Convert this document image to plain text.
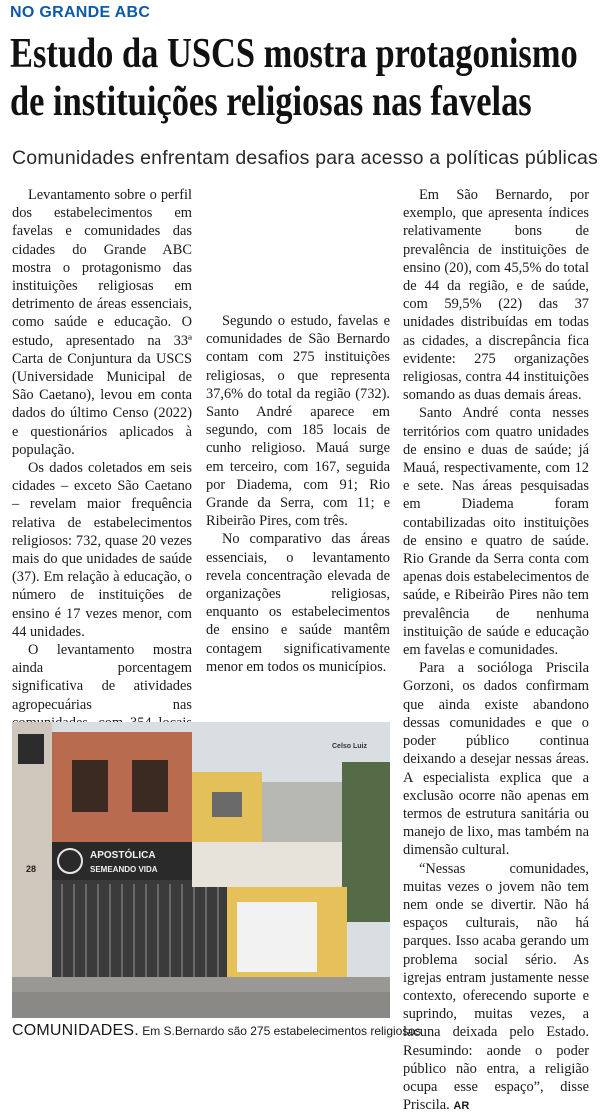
NO GRANDE ABC
Estudo da USCS mostra protagonismo
de instituições religiosas nas favelas
Comunidades enfrentam desafios para acesso a políticas públicas

Levantamento sobre o perfil dos estabelecimentos em favelas e comunidades das cidades do Grande ABC mostra o protagonismo das instituições religiosas em detrimento de áreas essenciais, como saúde e educação. O estudo, apresentado na 33ª Carta de Conjuntura da USCS (Universidade Municipal de São Caetano), levou em conta dados do último Censo (2022) e questionários aplicados à população.

Os dados coletados em seis cidades – exceto São Caetano – revelam maior frequência relativa de estabelecimentos religiosos: 732, quase 20 vezes mais do que unidades de saúde (37). Em relação à educação, o número de instituições de ensino é 17 vezes menor, com 44 unidades.

O levantamento mostra ainda porcentagem significativa de atividades agropecuárias nas

Segundo o estudo, favelas e comunidades de São Bernardo contam com 275 instituições religiosas, o que representa 37,6% do total da região (732). Santo André aparece em segundo, com 185 locais de cunho religioso. Mauá surge em terceiro, com 167, seguida por Diadema, com 91; Rio Grande da Serra, com 11; e Ribeirão Pires, com três.

No comparativo das áreas essenciais, o levantamento revela concentração elevada de organizações religiosas, enquanto os estabelecimentos de ensino e saúde mantêm contagem significativamente menor em todos os municípios.

Em São Bernardo, por exemplo, que apresenta índices relativamente bons de prevalência de instituições de ensino (20), com 45,5% do total de 44 da região, e de saúde, com 59,5% (22) das 37 unidades distribuídas em todas as cidades, a discrepância fica evidente: 275 organizações religiosas, contra 44 instituições somando as duas demais áreas.

Santo André conta nesses territórios com quatro unidades de ensino e duas de saúde; já Mauá, respectivamente, com 12 e sete. Nas áreas pesquisadas em Diadema foram contabilizadas oito instituições de ensino e quatro de saúde. Rio Grande da Serra conta com apenas dois estabelecimentos de saúde, e Ribeirão Pires não tem prevalência de nenhuma instituição de saúde e educação em favelas e comunidades.

Para a socióloga Priscila Gorzoni, os dados confirmam que ainda existe abandono dessas comunidades e que o poder público continua deixando a desejar nessas áreas. A especialista explica que a exclusão ocorre não apenas em termos de estrutura sanitária ou manejo de lixo, mas também na dimensão cultural.

“Nessas comunidades, muitas vezes o jovem não tem nem onde se divertir. Não há espaços culturais, não há parques. Isso acaba gerando um problema social sério. As igrejas entram justamente nesse contexto, oferecendo suporte e suprindo, muitas vezes, a lacuna deixada pelo Estado. Resumindo: aonde o poder público não entra, a religião ocupa esse espaço”, disse Priscila. AR

APOSTÓLICA
SEMEANDO VIDA
28
Celso Luiz
COMUNIDADES. Em S.Bernardo são 275 estabelecimentos religiosos
